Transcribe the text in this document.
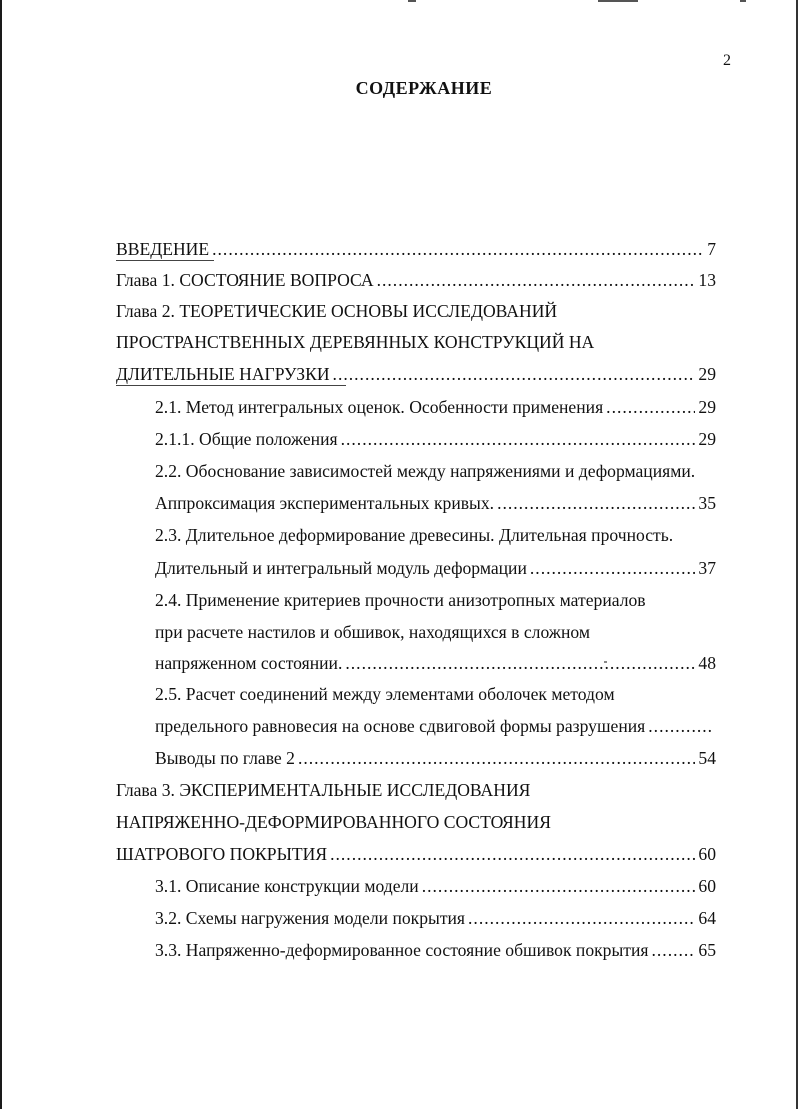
2
СОДЕРЖАНИЕ
ВВЕДЕНИЕ .....	7
Глава 1. СОСТОЯНИЕ ВОПРОСА .....	13
Глава 2. ТЕОРЕТИЧЕСКИЕ ОСНОВЫ ИССЛЕДОВАНИЙ
ПРОСТРАНСТВЕННЫХ ДЕРЕВЯННЫХ КОНСТРУКЦИЙ НА
ДЛИТЕЛЬНЫЕ НАГРУЗКИ .....	29
2.1. Метод интегральных оценок. Особенности применения .....	29
2.1.1. Общие положения .....	29
2.2. Обоснование зависимостей между напряжениями и деформациями.
Аппроксимация экспериментальных кривых. .....	35
2.3. Длительное деформирование древесины. Длительная прочность.
Длительный и интегральный модуль деформации .....	37
2.4. Применение критериев прочности анизотропных материалов
при расчете настилов и обшивок, находящихся в сложном
напряженном состоянии. .....	48
2.5. Расчет соединений между элементами оболочек методом
предельного равновесия на основе сдвиговой формы разрушения
.....
Выводы по главе 2 .....	54
Глава 3. ЭКСПЕРИМЕНТАЛЬНЫЕ ИССЛЕДОВАНИЯ
НАПРЯЖЕННО-ДЕФОРМИРОВАННОГО СОСТОЯНИЯ
ШАТРОВОГО ПОКРЫТИЯ .....	60
3.1. Описание конструкции модели .....	60
3.2. Схемы нагружения модели покрытия .....	64
3.3. Напряженно-деформированное состояние обшивок покрытия .....	65
